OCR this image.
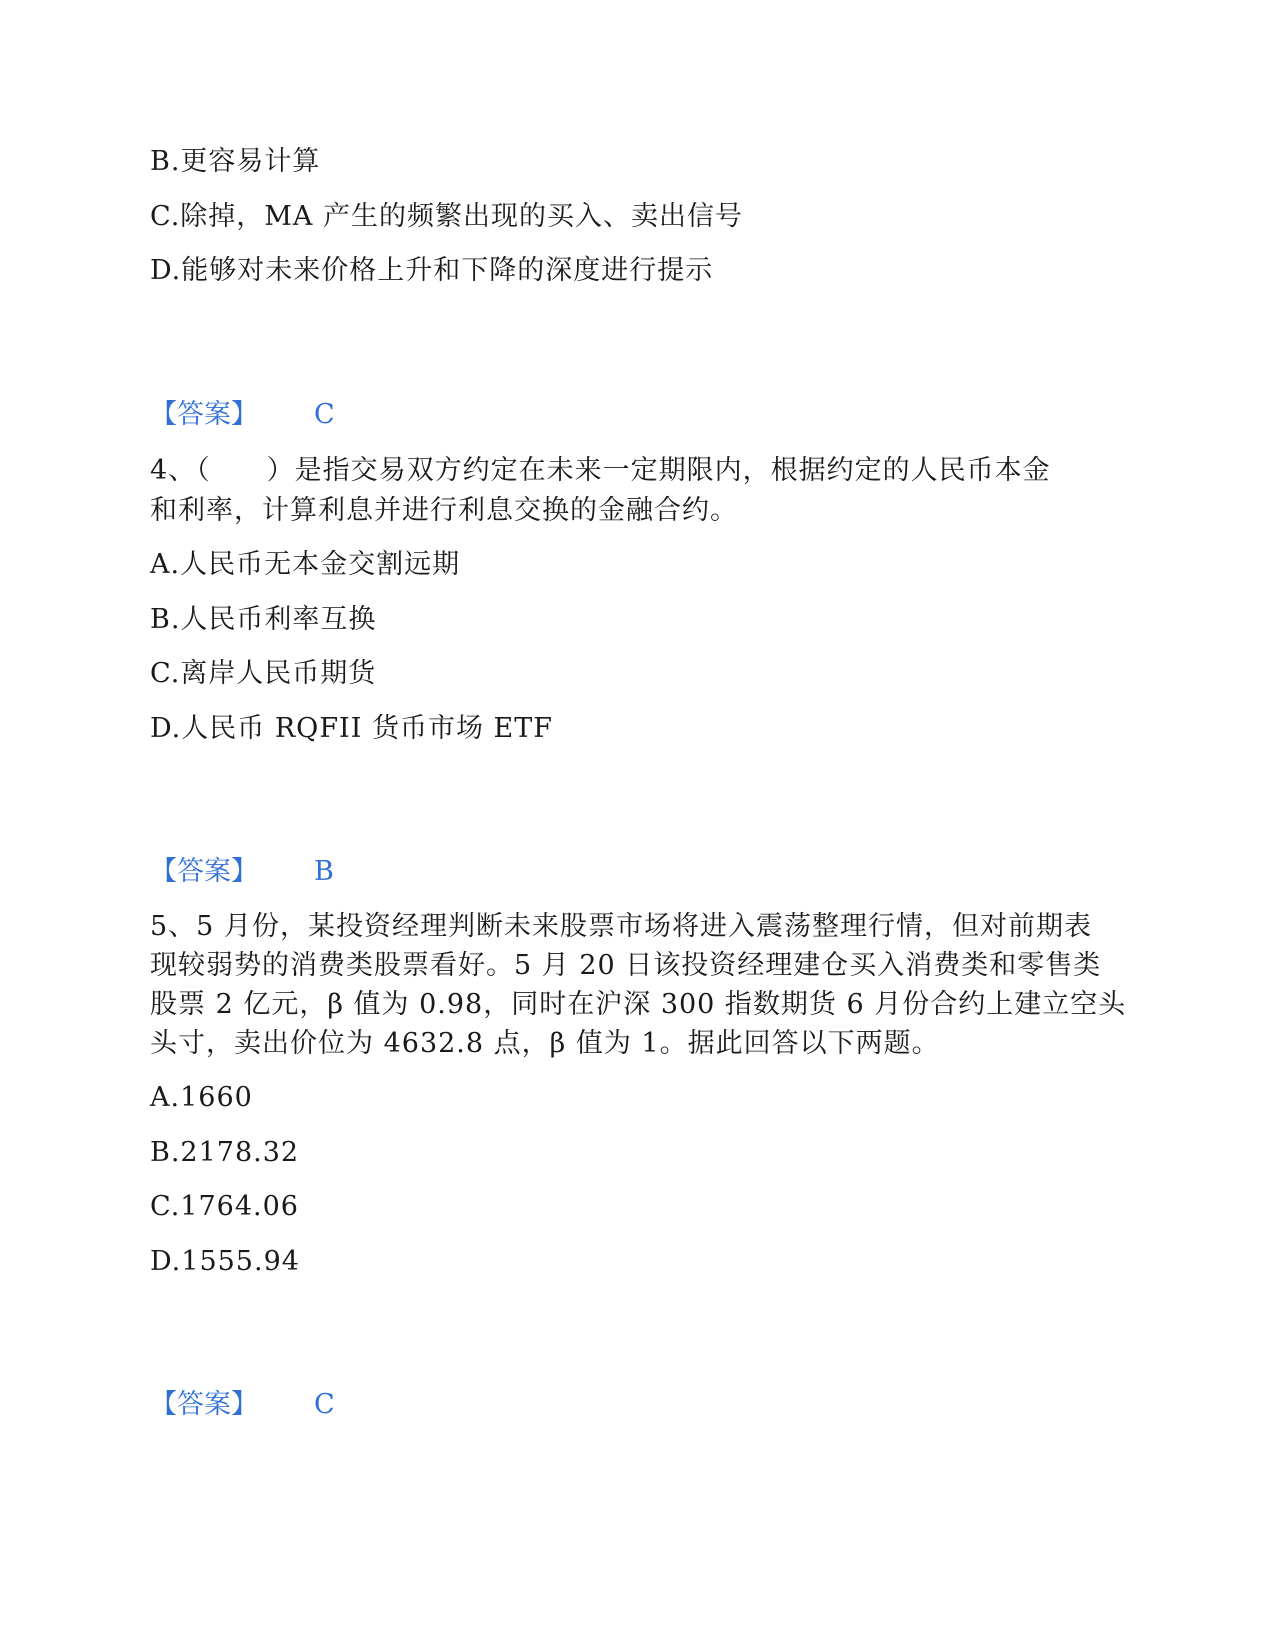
B.更容易计算
C.除掉，MA 产生的频繁出现的买入、卖出信号
D.能够对未来价格上升和下降的深度进行提示
【答案】 C
4、（　　）是指交易双方约定在未来一定期限内，根据约定的人民币本金
和利率，计算利息并进行利息交换的金融合约。
A.人民币无本金交割远期
B.人民币利率互换
C.离岸人民币期货
D.人民币 RQFII 货币市场 ETF
【答案】 B
5、5 月份，某投资经理判断未来股票市场将进入震荡整理行情，但对前期表
现较弱势的消费类股票看好。5 月 20 日该投资经理建仓买入消费类和零售类
股票 2 亿元，β 值为 0.98，同时在沪深 300 指数期货 6 月份合约上建立空头
头寸，卖出价位为 4632.8 点，β 值为 1。据此回答以下两题。
A.1660
B.2178.32
C.1764.06
D.1555.94
【答案】 C
